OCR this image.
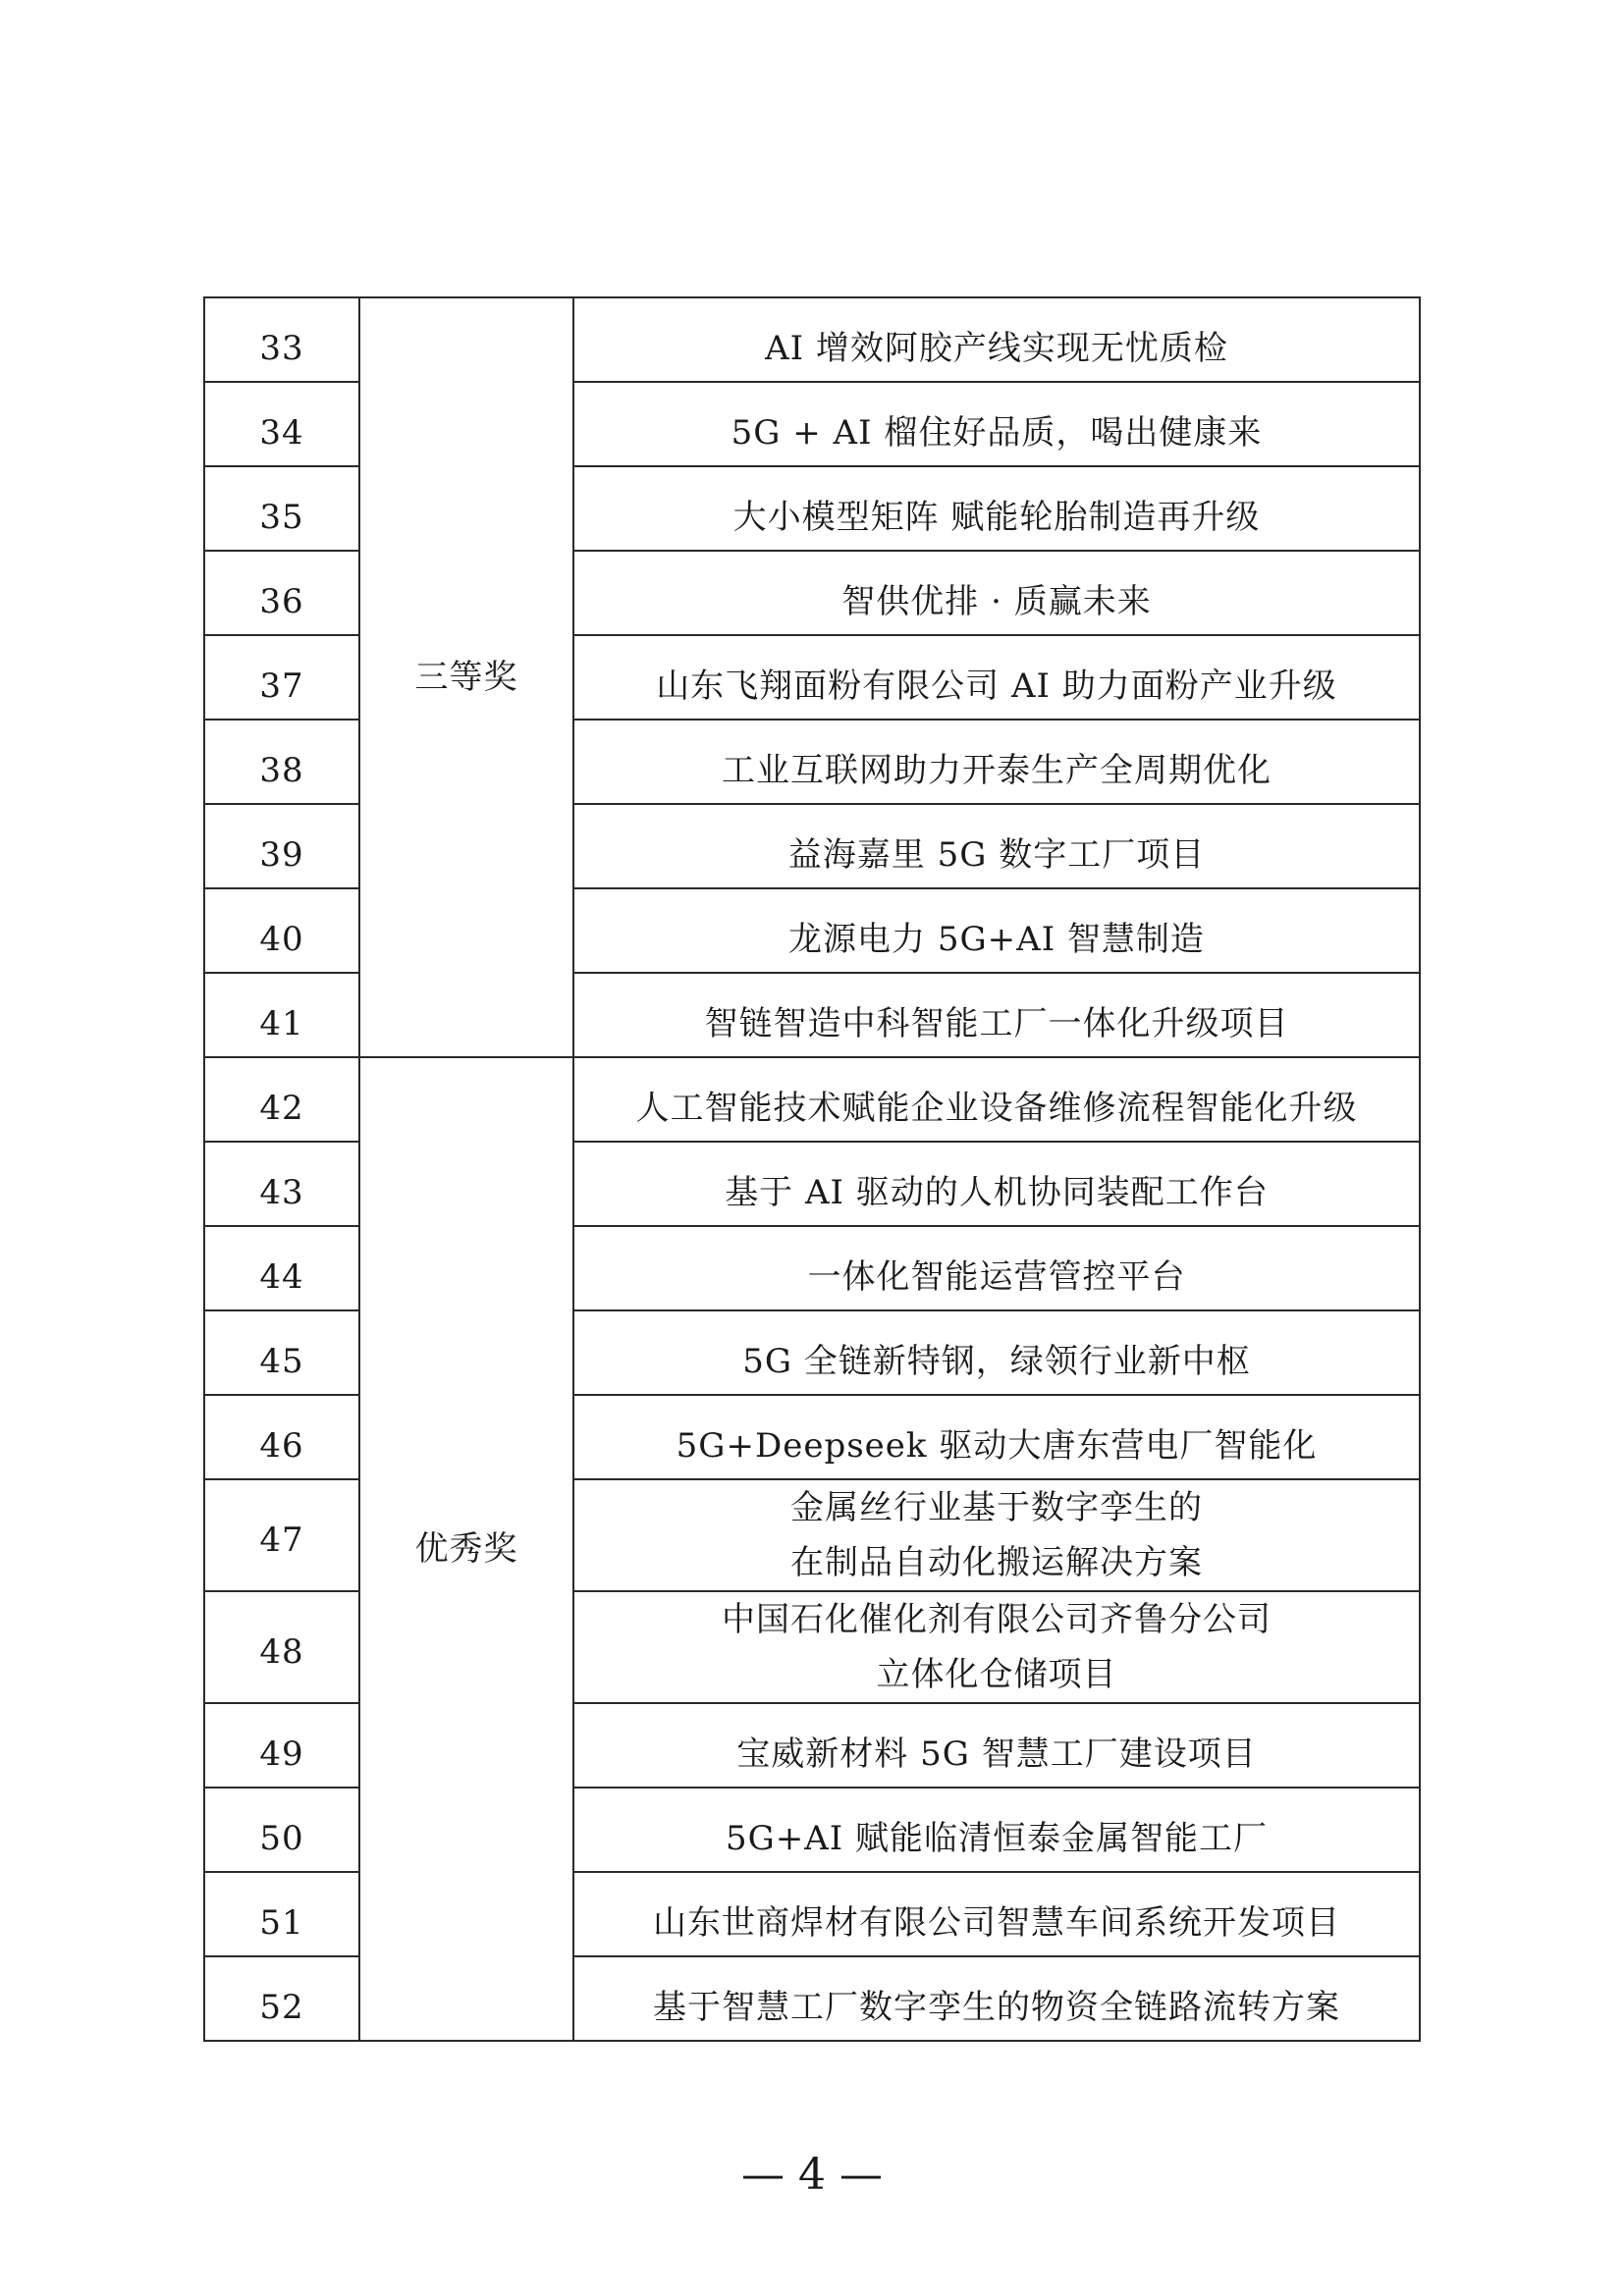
33	三等奖	AI 增效阿胶产线实现无忧质检

34		5G + AI 榴住好品质，喝出健康来

35		大小模型矩阵 赋能轮胎制造再升级

36		智供优排 · 质赢未来

37		山东飞翔面粉有限公司 AI 助力面粉产业升级

38		工业互联网助力开泰生产全周期优化

39		益海嘉里 5G 数字工厂项目

40		龙源电力 5G+AI 智慧制造

41		智链智造中科智能工厂一体化升级项目

42	优秀奖	人工智能技术赋能企业设备维修流程智能化升级

43		基于 AI 驱动的人机协同装配工作台

44		一体化智能运营管控平台

45		5G 全链新特钢，绿领行业新中枢

46		5G+Deepseek 驱动大唐东营电厂智能化

47		金属丝行业基于数字孪生的
在制品自动化搬运解决方案

48		中国石化催化剂有限公司齐鲁分公司
立体化仓储项目

49		宝威新材料 5G 智慧工厂建设项目

50		5G+AI 赋能临清恒泰金属智能工厂

51		山东世商焊材有限公司智慧车间系统开发项目

52		基于智慧工厂数字孪生的物资全链路流转方案
— 4 —
